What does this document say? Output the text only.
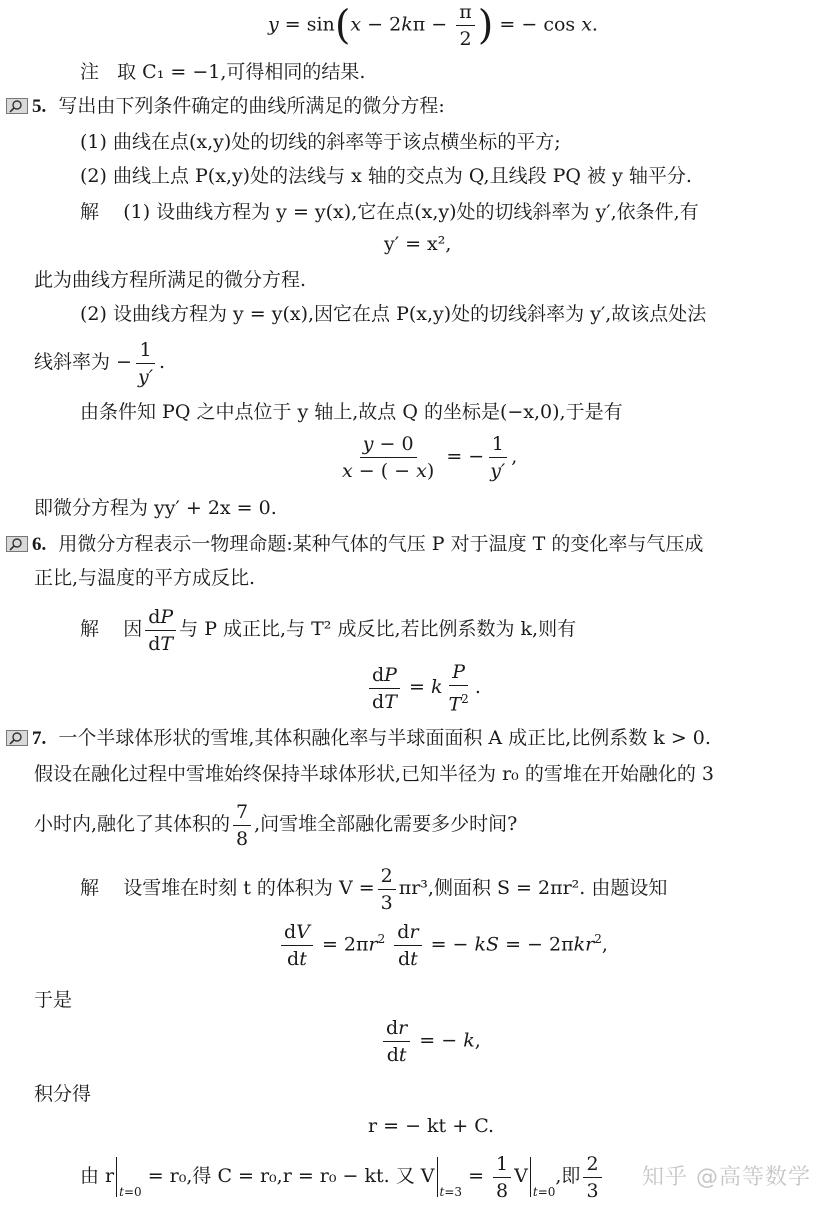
$y = \sin(x - 2k\pi - \frac{\pi}{2}$ ) = − cos x.
注 取 C₁ = −1,可得相同的结果.
5. 写出由下列条件确定的曲线所满足的微分方程:
(1) 曲线在点(x,y)处的切线的斜率等于该点横坐标的平方;
(2) 曲线上点 P(x,y)处的法线与 x 轴的交点为 Q,且线段 PQ 被 y 轴平分.
解 (1) 设曲线方程为 y = y(x),它在点(x,y)处的切线斜率为 y′,依条件,有
y′ = x²,
此为曲线方程所满足的微分方程.
(2) 设曲线方程为 y = y(x),因它在点 P(x,y)处的切线斜率为 y′,故该点处法
线斜率为 − $\frac{1}{y'}$ .
由条件知 PQ 之中点位于 y 轴上,故点 Q 的坐标是(−x,0),于是有
$\frac{y - 0}{x - ( - x)}$ = − $\frac{1}{y'}$ ,
即微分方程为 yy′ + 2x = 0.
6. 用微分方程表示一物理命题:某种气体的气压 P 对于温度 T 的变化率与气压成
正比,与温度的平方成反比.
解 因 $\frac{dP}{dT}$ 与 P 成正比,与 T² 成反比,若比例系数为 k,则有
$\frac{dP}{dT} = k \frac{P}{T^2}$ .
7. 一个半球体形状的雪堆,其体积融化率与半球面面积 A 成正比,比例系数 k > 0.
假设在融化过程中雪堆始终保持半球体形状,已知半径为 r₀ 的雪堆在开始融化的 3
小时内,融化了其体积的 $\frac{7}{8}$ ,问雪堆全部融化需要多少时间?
解 设雪堆在时刻 t 的体积为 $V = \frac{2}{3} \pi r^3$,侧面积 S = 2πr². 由题设知
$\frac{dV}{dt} = 2\pi r^2 \frac{dr}{dt}$ = − kS = − 2πkr$^2$,
于是
$\frac{dr}{dt}$ = − k,
积分得
r = − kt + C.
由 $r_{t=0} = r_0$,得 C = r₀,r = r₀ − kt. 又 $V_{t=3} = \frac{1}{8} V_{t=0}$,即 $\frac{2}{3}$ 知乎 @高等数学
